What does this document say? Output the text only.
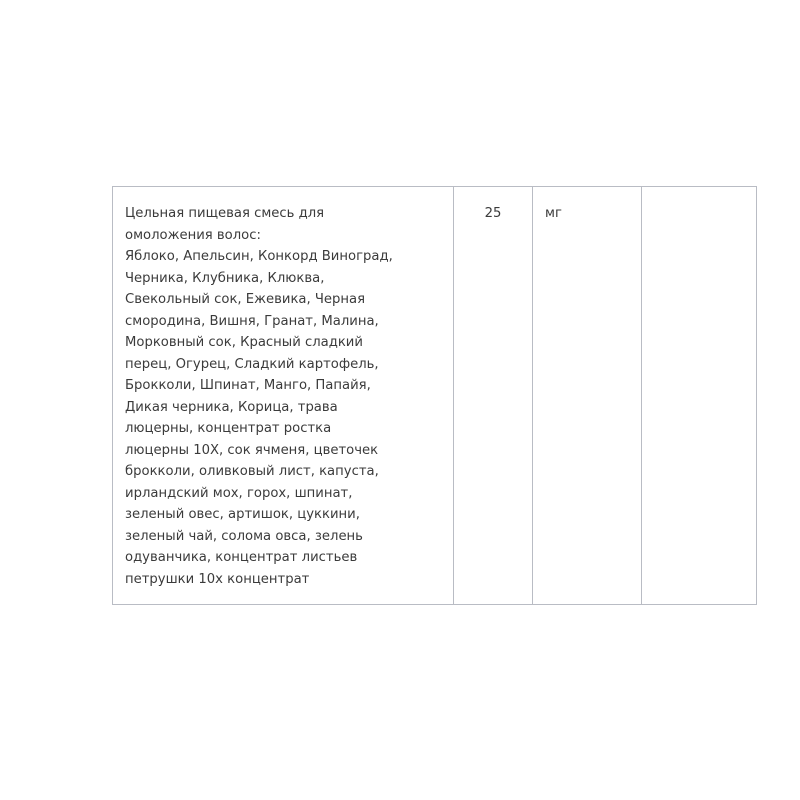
Цельная пищевая смесь для
омоложения волос:
Яблоко, Апельсин, Конкорд Виноград,
Черника, Клубника, Клюква,
Свекольный сок, Ежевика, Черная
смородина, Вишня, Гранат, Малина,
Морковный сок, Красный сладкий
перец, Огурец, Сладкий картофель,
Брокколи, Шпинат, Манго, Папайя,
Дикая черника, Корица, трава
люцерны, концентрат ростка
люцерны 10Х, сок ячменя, цветочек
брокколи, оливковый лист, капуста,
ирландский мох, горох, шпинат,
зеленый овес, артишок, цуккини,
зеленый чай, солома овса, зелень
одуванчика, концентрат листьев
петрушки 10х концентрат
	25	мг	
